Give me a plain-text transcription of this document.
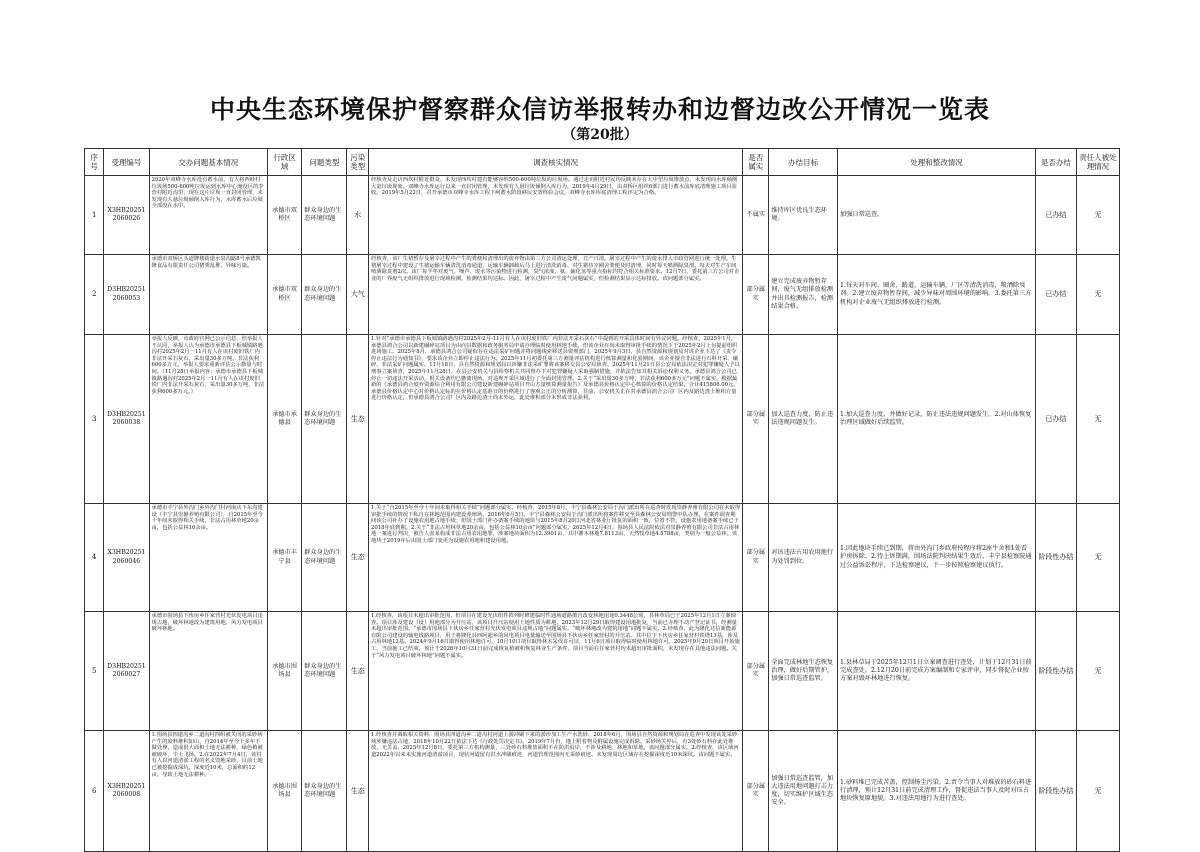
中央生态环境保护督察群众信访举报转办和边督边改公开情况一览表
（第20批）
序号	受理编号	交办问题基本情况	行政区域	问题类型	污染类型	调查核实情况	是否属实	办结目标	处理和整改情况	是否办结	责任人被处理情况
1	X3HB20251 2060026	2020年双峰寺水库没有蓄水前，有人将西岐村垃圾场500-600吨垃圾运到水库中心淹没区的李营村附近沟里，现在这片垃圾一直封闭管理，未发现有人悬垃圾倾倒入库行为，水库蓄水后垃圾全部没在水中。	承德市双桥区	群众身边的生态环境问题	水	经核查及走访西坎村附近群众，未发现西坎村建有能够容纳500-600吨垃圾的垃圾场。通过走访附近村民均反映未存在大中型垃圾堆放点，未发现向水库倾倒大量垃圾现象。双峰寺水库运行以来一直封闭管理，未发现有人悬垃圾倾倒入库行为。2019年4月29日，由双桥区组织6部门进行蓄水前库底清理施工项目验收，2019年5月22日，召开承德市双峰寺水库工程下闸蓄水阶段移民安置终验会议，双峰寺水库库底清理工程评定为合格。	不属实	维持库区优良生态环境。	加强日常巡查。	已办结	无
2	D3HB20251 2060053	承德市双桥区头道牌楼街道水泉沟路8号承德凯隆食品有限责任公司猪粪乱堆，异味污染。	承德市双桥区	群众身边的生态环境问题	大气	经核查，该厂生猪暂存及屠宰过程中产生的粪便和清理出的废弃物由第三方公司清运处理，日产日清。屠宰过程中产生的废水排入市政管网进行统一处理。生猪屠宰过程中建设了生猪运输车辆清洗消毒通道，运输车辆卸载后马上进行清洗消毒。对生猪待宰圈舍粪便及时清理，同时每天喷洒除臭剂。每天对生产车间喷洒除臭剂2次。该厂每半年对废气、噪声、废水等污染物进行检测，臭气浓度、氨、硫化氢等重点指标均符合相关标准要求。12月7日，委托第三方公司对企业的厂界废气无组织排放进行现场检测，检测结果均达标。因此，屠宰过程中产生废气问题属实，但检测结果显示达标排放。该问题部分属实。	部分属实	建立完成废弃物暂存间，废气无组排放检测并出具检测报告，检测结果合格。	1.每天对车间、圈舍、路道、运输车辆，厂区等清洗消毒，喷洒除臭剂。2.建立废弃物暂存间，减少异味对周围环境的影响。3.委托第三方机构对企业废气无组织排放进行检测。	已办结	无
3	D3HB20251 2060038	举报人反映，市政府官网已公示信息，但举报人不认同，举报人认为承德市承德县下板城镇路遇沟村2025年2月一11月有人在该村废旧铁厂内非法开采石灰石，采出量30多万吨，非法获利600多万元，举报人要求重新评估公示数量与时间。（11月28日举报内容：承德市承德县下板城镇路遇沟村2025年2月一11月有人在该村废旧铁厂内非法开采石灰石，采出量30多万吨，非法获利600多万元。）	承德市承德县	群众身边的生态环境问题	生态	1.针对“承德市承德县下板城镇路遇沟村2025年2月-11月有人在该村废旧铁厂内非法开采石灰石”中提到的开采具体时间有异议问题。经核查，2025年1月，承德县鸿合公司以新建碾碎站项目为由向县数据和政务服务局申请办理临时使用林地手续，但该企业在尚未取得审批手续的情况下于2025年2月上旬提前组织进场施工。2025年8月，承德县鸿合公司疑似存在违法采矿问题并将问题线索移送县资规部门，2025年9月3日，县自然资源和规划局对该企业下达了《责令停止违法行为通知书》，要求该企业立即停止违法行为。2025年11月初委托第三方测量评估机构进行核算测量和化验期间，该企业擅自非法进行石料开采、碾碎，非法采矿问题属实。11月18日，县自然资源和规划局以涉嫌非法采矿罪将该案移交县公安局侦查。2025年11月21日县公安局依法决定对犯罪嫌疑人予以刑事立案侦查，2025年11月28日，在县公安机关与县检察机关共同督办下对犯罪嫌疑人采取强制措施，并依法告知其相关诉讼权利义务。承德县鸿合公司已停止一切违法开采活动，相关设备均已撤离现场，对违规开采区域进行了全面封闭管理。2.关于“采出量30多万吨，非法获利600多万元”问题不属实。根据最新的《承德县鸿合废弃资源综合利用有限公司建设新建碾碎站项目开山方量核算测量报告》及承德县价格认定中心核算的价格认定结果，合计415806.00元。承德县价格认定中心对价格认定标的在价格认定基准日的价格进行了客观公正的分析测算，目前，公安机关正在对承德县鸿合公司厂区内及路边渣土堆积方量进行价格认定，但承德县鸿合公司厂区内及路边渣土尚未外运，此处堆积部分未形成非法获利。	部分属实	加大巡查力度，防止违法违规问题发生。	1.加大巡查力度，并做好记录，防止违法违规问题发生。2.对山体恢复治理区域做好后续监管。	已办结	无
4	X3HB20251 2060046	承德市丰宁县外沟门乡外沟门村河南店下东沟建设（丰宁县崇静养殖有限公司），自2015年至今十年间未取得相关手续，非法占用林草地20余亩，包括公益林10余亩。	承德市丰宁县	群众身边的生态环境问题	生态	1.关于“自2015年至今十年间未取得相关手续”问题部分属实。经核查，2015年8月，丰宁县森林公安局于沟门派出所在巡查时发现崇静养殖有限公司在未取得审批手续的情况下私自在林地范围内建设养殖场。2016年6月5日，丰宁县森林公安局于沟门派出所将案件移交至县森林公安局刑警中队办理。在案件调查期间该公司补办了设施农用地占地手续；但国土部门补办备案手续的地块与2015年8月20日河北省林业厅批复的面积一致，位置不符。设施农用地备案手续已于2018年底到期。2.关于“非法占用林草地20余亩，包括公益林10余亩”问题部分属实。2025年12月4日，围场县人民法院依法对崇静养殖有限公司非法占用林地一案进行判决，被告人张某构成非法占用农用地罪，涉案地块面积为12.3901亩，其中灌木林地7.8113亩、天然牧草地4.5788亩，类别为一般公益林。该地块于2019年后由国土部门变更为设施农用地和建设用地。	部分属实	对该违法占用农用地行为处罚到位。	1.因此地块手续已到期，将由外沟门乡政府按程序将2座牛舍和1处看护房拆除。2.待上诉期满，围场法院判决结果生效后，丰宁县检察院通过公益诉讼程序，下达检察建议，下一步按照检察建议执行。	阶段性办结	无
5	D3HB20251 2060027	承德市围场县下伙房乡任家营村光伏发电项目违规占地，破坏林地改为建筑用地，风力发电项目破坏林地。	承德市围场县	群众身边的生态环境问题	生态	1.经核查，该项目未超出审批范围，但项目在建设光伏组件阵列时修建临时性通场道路擅自改变林地用途0.3448公顷，县林草局已于2025年12月1日立案调查。项目涉及建设（设）用地部分为升压站，该项目升压站使用土地性质为耕地，2023年12月29日取得建设用地批复，当前已办理不动产登记证书，经测量未超出审批范围。“承德市围场县下伙房乡任家营村光伏发电项目违规占地”问题属实。“破坏林地改为建筑用地”问题不属实。2.经核查，此为隆化达信新能源有限公司建设的输电线路项目，用于将隆化县西阿超乡的风电项目电量输送至围场县下伙房乡任家营村的升压站。其中位于下伙房乡任家营村铁塔13基，涉及占用林地12基。2024年9月16日取得使用林地许可，10月10日项目取得林木采伐许可证，11月6日项目取得临时使用林地许可。2025年9月20日项目开始施工，当前施工已结束，预计于2026年10月31日前完成恢复植被和恢复林业生产条件。项目当前在任家营村均未超出审批面积，未发现存在其他违法问题。关于“风力发电项目破坏林地”问题不属实。	部分属实	全面完成林地生态恢复治理，做好后期管护，加强日常巡查监管。	1.县林草局于2025年12月1日立案调查进行查处，计划于12月31日前完成查处。2.12月20日前完成方案编制和专家评审，同步督促企业按方案对毁坏林地进行恢复。	阶段性办结	无
6	X3HB20251 2060008	1.围场县四道沟乡二道沟村四组被关闭的采砂场产生的废料堆积如山，自2014年至今十多年不做处理，造成很大面积土地无法耕种，绿色植被被破坏，尘土飞扬。2.在2022年7月4日，该村有人以河道清淤工程的名义毁地采砂，目前土地已被挖掘成深坑，深度近10米，总面积约12亩，导致土地无法耕种。	承德市围场县	群众身边的生态环境问题	生态	1.经核查并调取相关资料，围场县四道沟乡二道沟村河道上游冲刷下来的淤沙加工生产水洗砂。2018年6月，围场县自然资源和规划局在巡查中发现该处采砂场涉嫌违法占地，2018年10月22日依法下达《行政处罚决定书》。2019年7月份，地上附着物及附属设施完成拆除。采砂场关停后，有3处砂石料在此处堆放，无苫盖。2025年12月8日，委托第三方机构测量，三处砂石料堆放面积不在防洪沿岸，不涉及耕地、林地和草地。该问题部分属实。2.经核查，该区域河道2022年以来未实施河道清淤项目，现状河道留有洪水冲刷痕迹，河道管理范围内无采砂痕迹。未发现周边区域存在挖掘深度近10米深坑。该问题不属实。	部分属实	加强日常巡查监管，加大违法用地问题打击力度，切实维护区域生态安全。	1.砂料堆已完成苫盖，控制扬尘污染。2.责令当事人对堆放的砂石料进行清理，预计12月31日前完成清理工作，督促违法当事人及时对压占地块恢复原地貌。3.对违法用地行为进行查处。	阶段性办结	无
